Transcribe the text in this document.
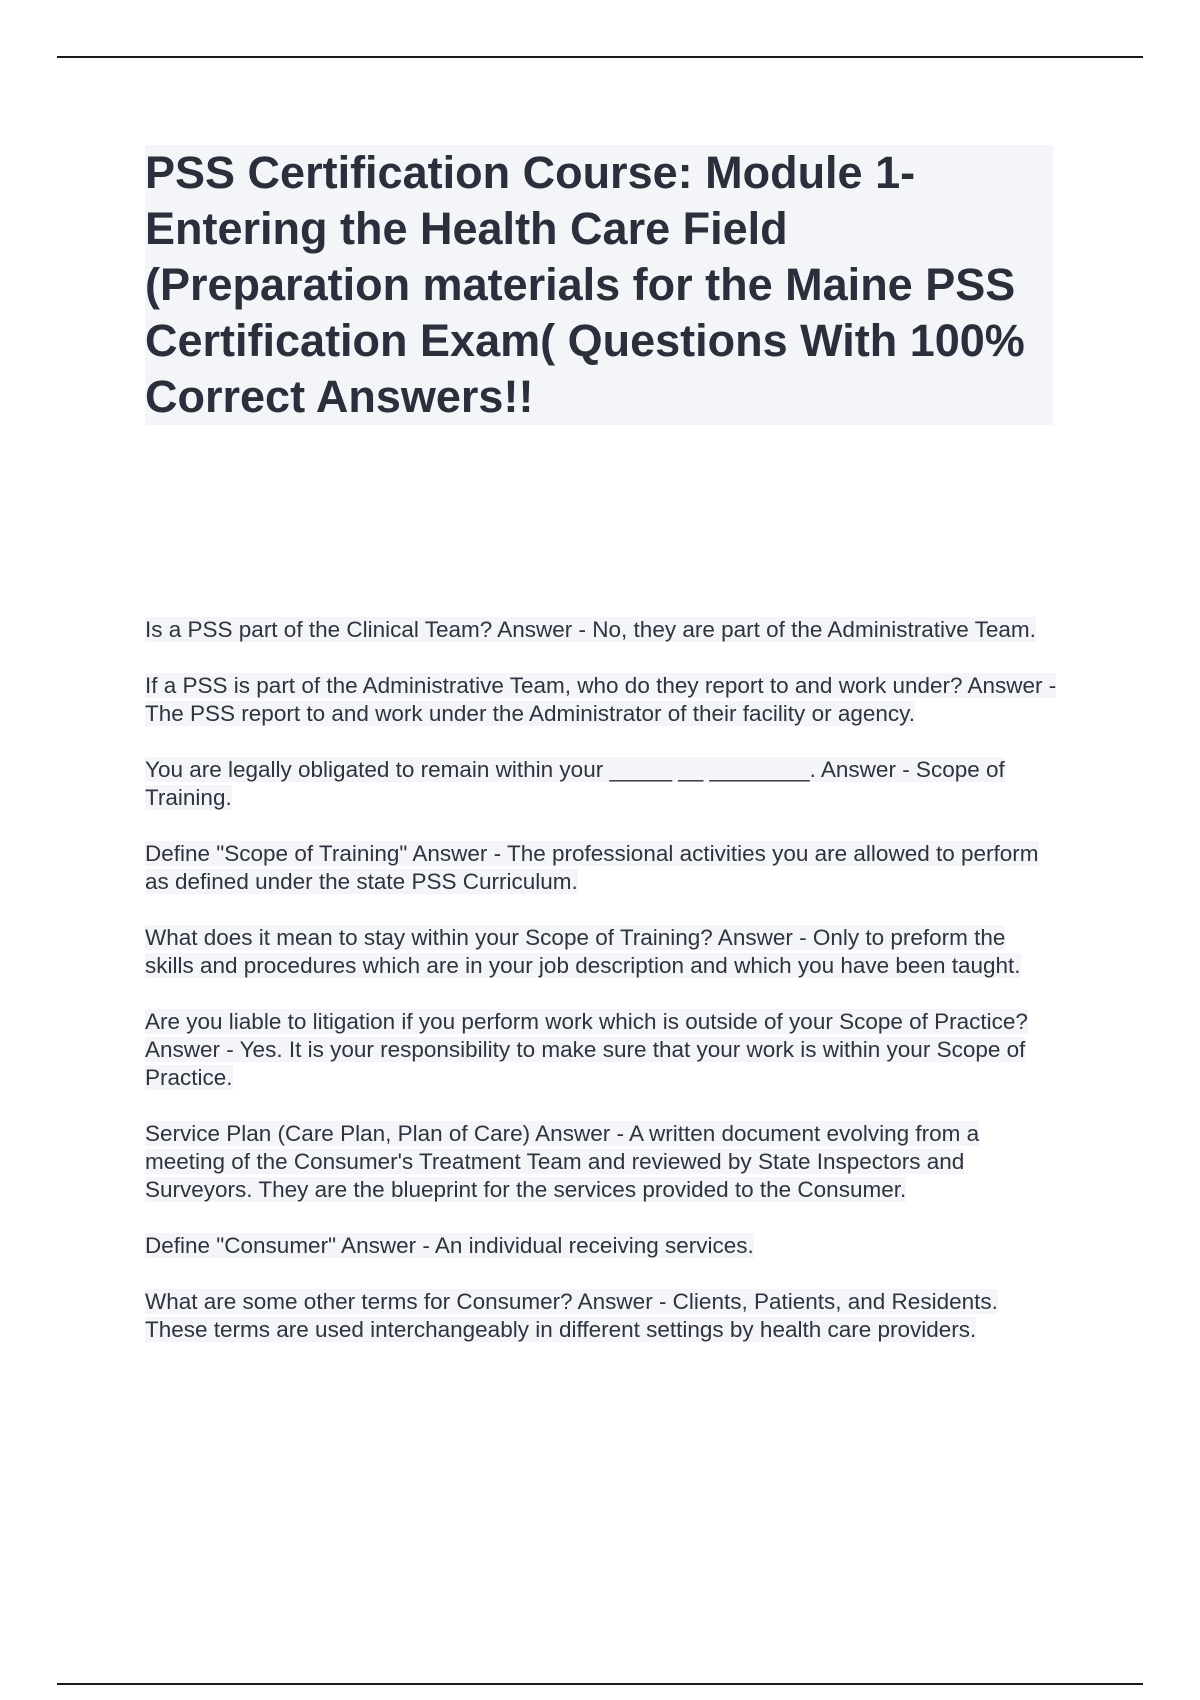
PSS Certification Course: Module 1- Entering the Health Care Field (Preparation materials for the Maine PSS Certification Exam( Questions With 100% Correct Answers!!

Is a PSS part of the Clinical Team? Answer - No, they are part of the Administrative Team.

If a PSS is part of the Administrative Team, who do they report to and work under? Answer - The PSS report to and work under the Administrator of their facility or agency.

You are legally obligated to remain within your _____ __ ________. Answer - Scope of Training.

Define "Scope of Training" Answer - The professional activities you are allowed to perform as defined under the state PSS Curriculum.

What does it mean to stay within your Scope of Training? Answer - Only to preform the skills and procedures which are in your job description and which you have been taught.

Are you liable to litigation if you perform work which is outside of your Scope of Practice? Answer - Yes. It is your responsibility to make sure that your work is within your Scope of Practice.

Service Plan (Care Plan, Plan of Care) Answer - A written document evolving from a meeting of the Consumer's Treatment Team and reviewed by State Inspectors and Surveyors. They are the blueprint for the services provided to the Consumer.

Define "Consumer" Answer - An individual receiving services.

What are some other terms for Consumer? Answer - Clients, Patients, and Residents. These terms are used interchangeably in different settings by health care providers.
